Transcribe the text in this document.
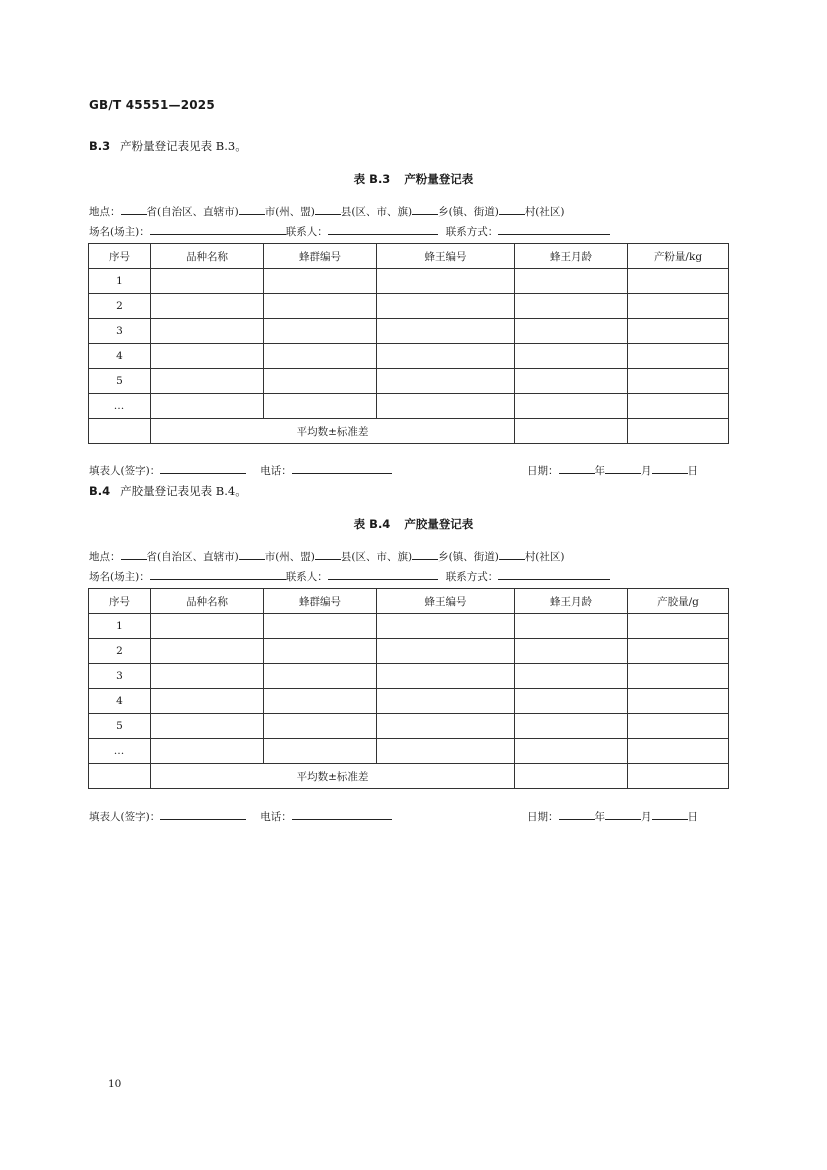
GB/T 45551—2025
B.3 产粉量登记表见表 B.3。
表 B.3 产粉量登记表
地点： 省(自治区、直辖市) 市(州、盟) 县(区、市、旗) 乡(镇、街道) 村(社区)
场名(场主)：	联系人：	联系方式：
序号	品种名称	蜂群编号	蜂王编号	蜂王月龄	产粉量/kg
1					
2					
3					
4					
5					
…					
	平均数±标准差				
填表人(签字)：	电话：	日期：	年	月	日
B.4 产胶量登记表见表 B.4。
表 B.4 产胶量登记表
地点： 省(自治区、直辖市) 市(州、盟) 县(区、市、旗) 乡(镇、街道) 村(社区)
场名(场主)：	联系人：	联系方式：
序号	品种名称	蜂群编号	蜂王编号	蜂王月龄	产胶量/g
1					
2					
3					
4					
5					
…					
	平均数±标准差				
填表人(签字)：	电话：	日期：	年	月	日
10
